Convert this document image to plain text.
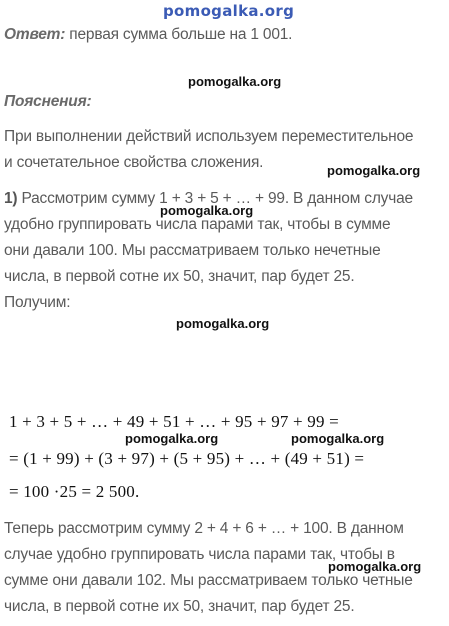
pomogalka.org
Ответ: первая сумма больше на 1 001.
pomogalka.org
Пояснения:
При выполнении действий используем переместительное
и сочетательное свойства сложения.	pomogalka.org
1) Рассмотрим сумму 1 + 3 + 5 + … + 99. В данном случае
pomogalka.org
удобно группировать числа парами так, чтобы в сумме
они давали 100. Мы рассматриваем только нечетные
числа, в первой сотне их 50, значит, пар будет 25.
Получим:
pomogalka.org
1 + 3 + 5 + … + 49 + 51 + … + 95 + 97 + 99 =
pomogalka.org	pomogalka.org
= (1 + 99) + (3 + 97) + (5 + 95) + … + (49 + 51) =
= 100 ·25 = 2 500.
Теперь рассмотрим сумму 2 + 4 + 6 + … + 100. В данном
случае удобно группировать числа парами так, чтобы в
pomogalka.org
сумме они давали 102. Мы рассматриваем только четные
числа, в первой сотне их 50, значит, пар будет 25.
